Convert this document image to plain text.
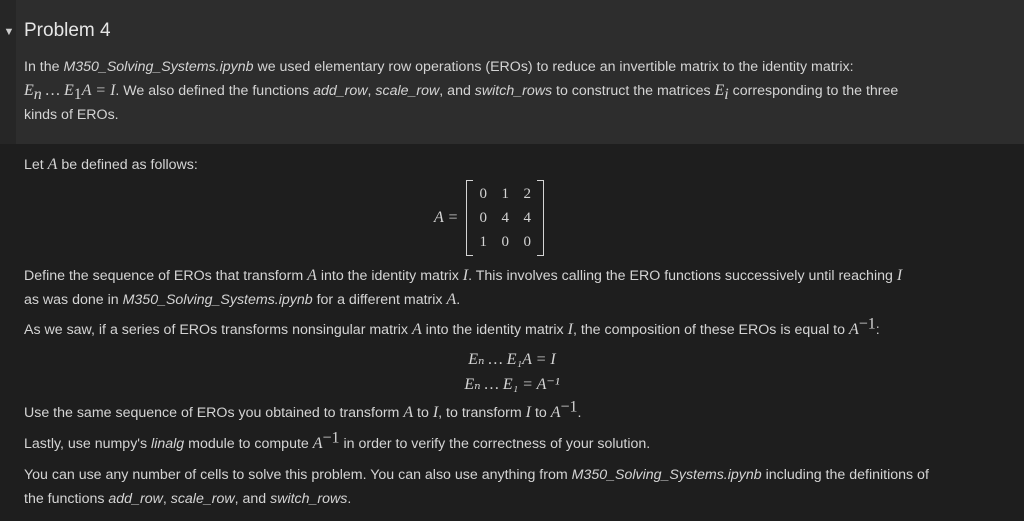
▼ Problem 4
In the M350_Solving_Systems.ipynb we used elementary row operations (EROs) to reduce an invertible matrix to the identity matrix:
$E_n$ … $E_1A = I$. We also defined the functions add_row, scale_row, and switch_rows to construct the matrices $E_i$ corresponding to the three
kinds of EROs.
Let A be defined as follows:
A =
0 1 2
0 4 4
1 0 0
Define the sequence of EROs that transform A into the identity matrix I. This involves calling the ERO functions successively until reaching I
as was done in M350_Solving_Systems.ipynb for a different matrix A.
As we saw, if a series of EROs transforms nonsingular matrix A into the identity matrix I, the composition of these EROs is equal to $A^{-1}$:
Eₙ … E₁A = I
Eₙ … E₁ = A⁻¹
Use the same sequence of EROs you obtained to transform A to I, to transform I to $A^{-1}$.
Lastly, use numpy's linalg module to compute $A^{-1}$ in order to verify the correctness of your solution.
You can use any number of cells to solve this problem. You can also use anything from M350_Solving_Systems.ipynb including the definitions of
the functions add_row, scale_row, and switch_rows.
